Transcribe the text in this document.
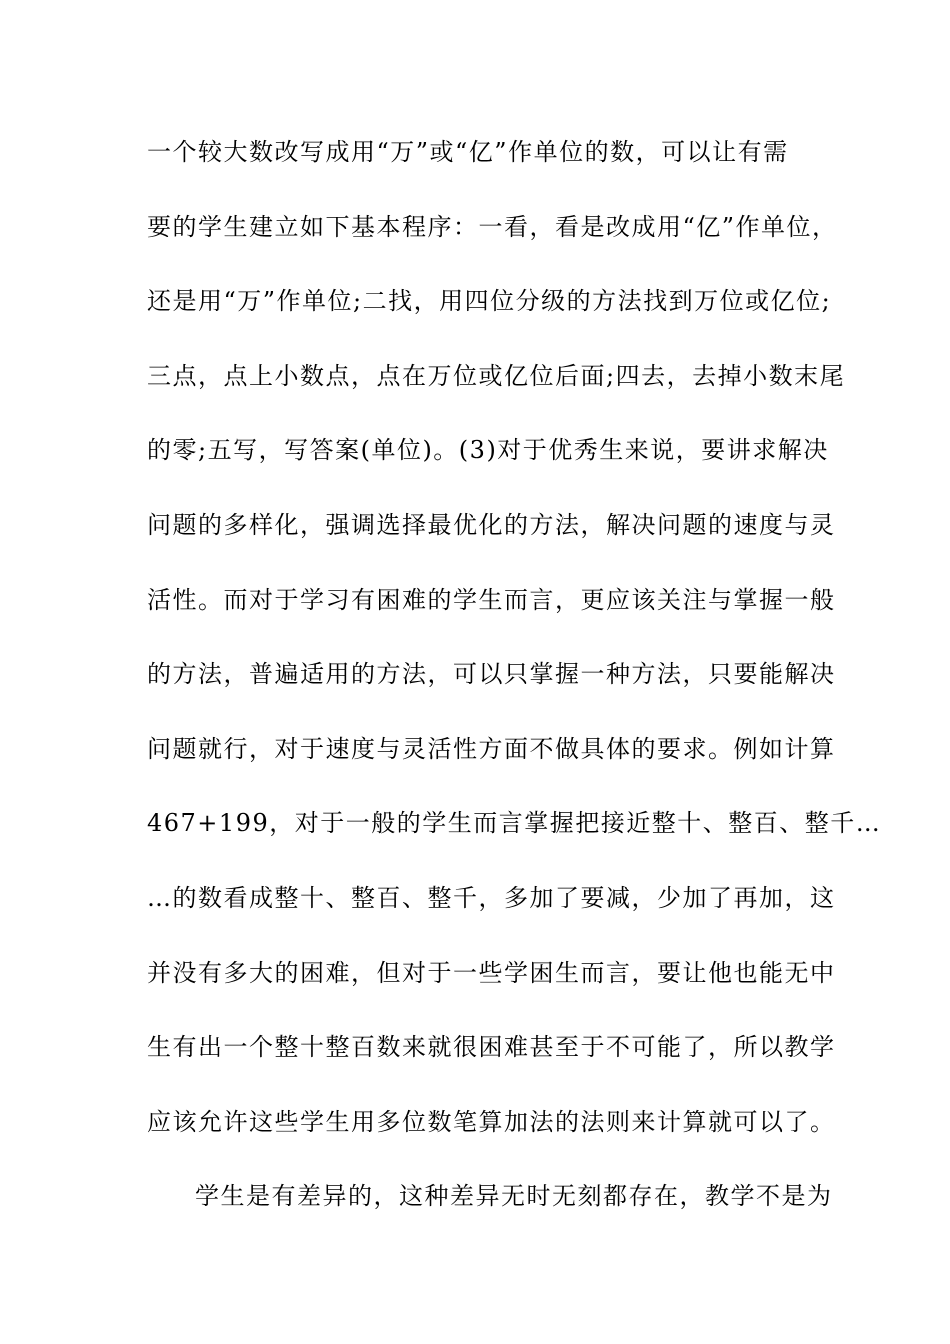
一个较大数改写成用“万”或“亿”作单位的数，可以让有需
要的学生建立如下基本程序：一看，看是改成用“亿”作单位，
还是用“万”作单位;二找，用四位分级的方法找到万位或亿位;
三点，点上小数点，点在万位或亿位后面;四去，去掉小数末尾
的零;五写，写答案(单位)。(3)对于优秀生来说，要讲求解决
问题的多样化，强调选择最优化的方法，解决问题的速度与灵
活性。而对于学习有困难的学生而言，更应该关注与掌握一般
的方法，普遍适用的方法，可以只掌握一种方法，只要能解决
问题就行，对于速度与灵活性方面不做具体的要求。例如计算
467+199，对于一般的学生而言掌握把接近整十、整百、整千…
…的数看成整十、整百、整千，多加了要减，少加了再加，这
并没有多大的困难，但对于一些学困生而言，要让他也能无中
生有出一个整十整百数来就很困难甚至于不可能了，所以教学
应该允许这些学生用多位数笔算加法的法则来计算就可以了。
学生是有差异的，这种差异无时无刻都存在，教学不是为
